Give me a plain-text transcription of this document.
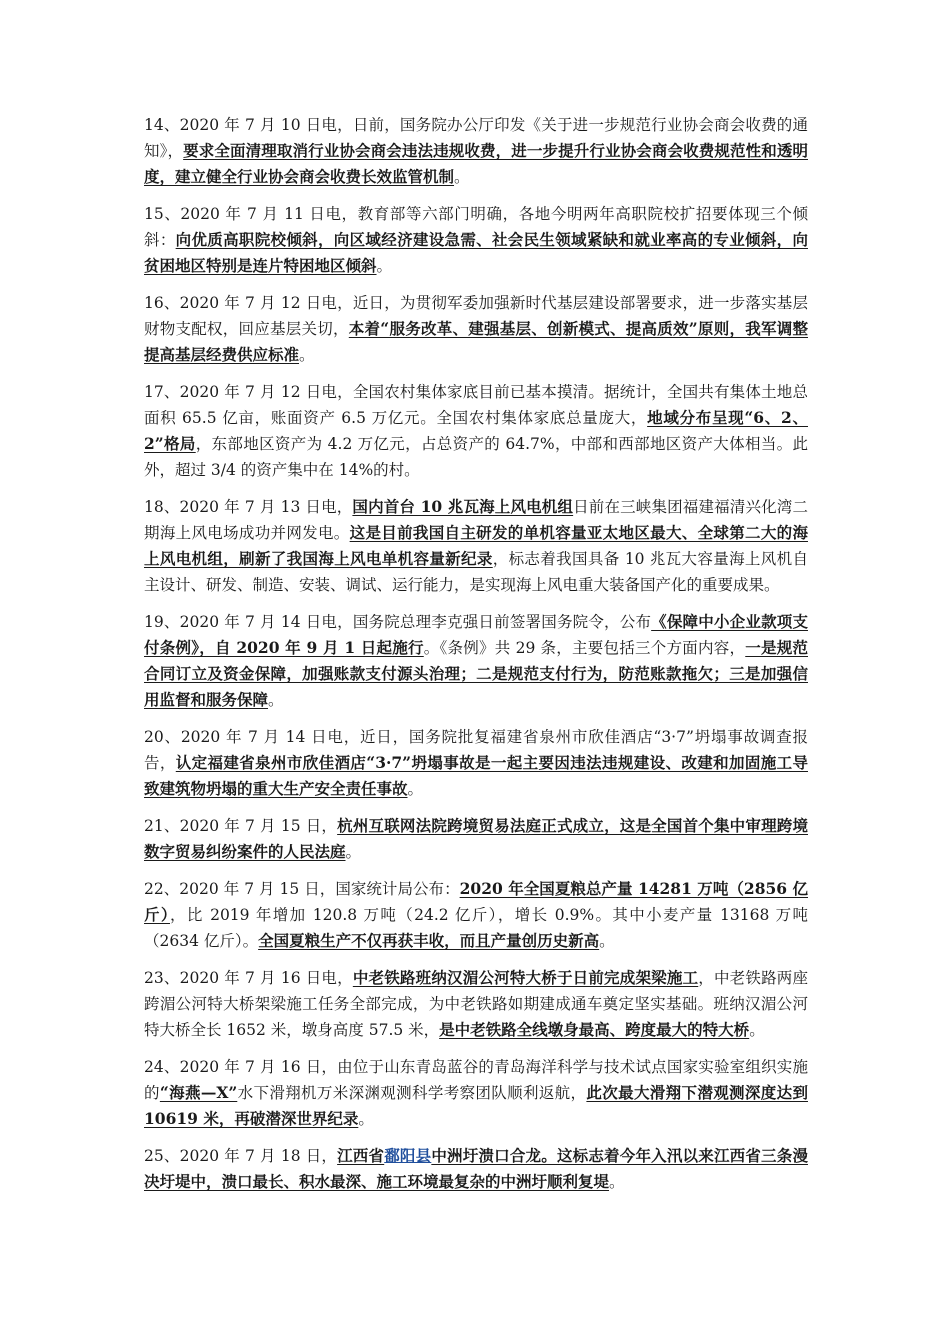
14、2020 年 7 月 10 日电，日前，国务院办公厅印发《关于进一步规范行业协会商会收费的通知》，要求全面清理取消行业协会商会违法违规收费，进一步提升行业协会商会收费规范性和透明度，建立健全行业协会商会收费长效监管机制。

15、2020 年 7 月 11 日电，教育部等六部门明确，各地今明两年高职院校扩招要体现三个倾斜：向优质高职院校倾斜，向区域经济建设急需、社会民生领域紧缺和就业率高的专业倾斜，向贫困地区特别是连片特困地区倾斜。

16、2020 年 7 月 12 日电，近日，为贯彻军委加强新时代基层建设部署要求，进一步落实基层财物支配权，回应基层关切，本着“服务改革、建强基层、创新模式、提高质效”原则，我军调整提高基层经费供应标准。

17、2020 年 7 月 12 日电，全国农村集体家底目前已基本摸清。据统计，全国共有集体土地总面积 65.5 亿亩，账面资产 6.5 万亿元。全国农村集体家底总量庞大，地域分布呈现“6、2、2”格局，东部地区资产为 4.2 万亿元，占总资产的 64.7%，中部和西部地区资产大体相当。此外，超过 3/4 的资产集中在 14%的村。

18、2020 年 7 月 13 日电，国内首台 10 兆瓦海上风电机组日前在三峡集团福建福清兴化湾二期海上风电场成功并网发电。这是目前我国自主研发的单机容量亚太地区最大、全球第二大的海上风电机组，刷新了我国海上风电单机容量新纪录，标志着我国具备 10 兆瓦大容量海上风机自主设计、研发、制造、安装、调试、运行能力，是实现海上风电重大装备国产化的重要成果。

19、2020 年 7 月 14 日电，国务院总理李克强日前签署国务院令，公布《保障中小企业款项支付条例》，自 2020 年 9 月 1 日起施行。《条例》共 29 条，主要包括三个方面内容，一是规范合同订立及资金保障，加强账款支付源头治理；二是规范支付行为，防范账款拖欠；三是加强信用监督和服务保障。

20、2020 年 7 月 14 日电，近日，国务院批复福建省泉州市欣佳酒店“3·7”坍塌事故调查报告，认定福建省泉州市欣佳酒店“3·7”坍塌事故是一起主要因违法违规建设、改建和加固施工导致建筑物坍塌的重大生产安全责任事故。

21、2020 年 7 月 15 日，杭州互联网法院跨境贸易法庭正式成立，这是全国首个集中审理跨境数字贸易纠纷案件的人民法庭。

22、2020 年 7 月 15 日，国家统计局公布：2020 年全国夏粮总产量 14281 万吨（2856 亿斤），比 2019 年增加 120.8 万吨（24.2 亿斤），增长 0.9%。其中小麦产量 13168 万吨（2634 亿斤）。全国夏粮生产不仅再获丰收，而且产量创历史新高。

23、2020 年 7 月 16 日电，中老铁路班纳汉湄公河特大桥于日前完成架梁施工，中老铁路两座跨湄公河特大桥架梁施工任务全部完成，为中老铁路如期建成通车奠定坚实基础。班纳汉湄公河特大桥全长 1652 米，墩身高度 57.5 米，是中老铁路全线墩身最高、跨度最大的特大桥。

24、2020 年 7 月 16 日，由位于山东青岛蓝谷的青岛海洋科学与技术试点国家实验室组织实施的“海燕—X”水下滑翔机万米深渊观测科学考察团队顺利返航，此次最大滑翔下潜观测深度达到 10619 米，再破潜深世界纪录。

25、2020 年 7 月 18 日，江西省鄱阳县中洲圩溃口合龙。这标志着今年入汛以来江西省三条漫决圩堤中，溃口最长、积水最深、施工环境最复杂的中洲圩顺利复堤。
